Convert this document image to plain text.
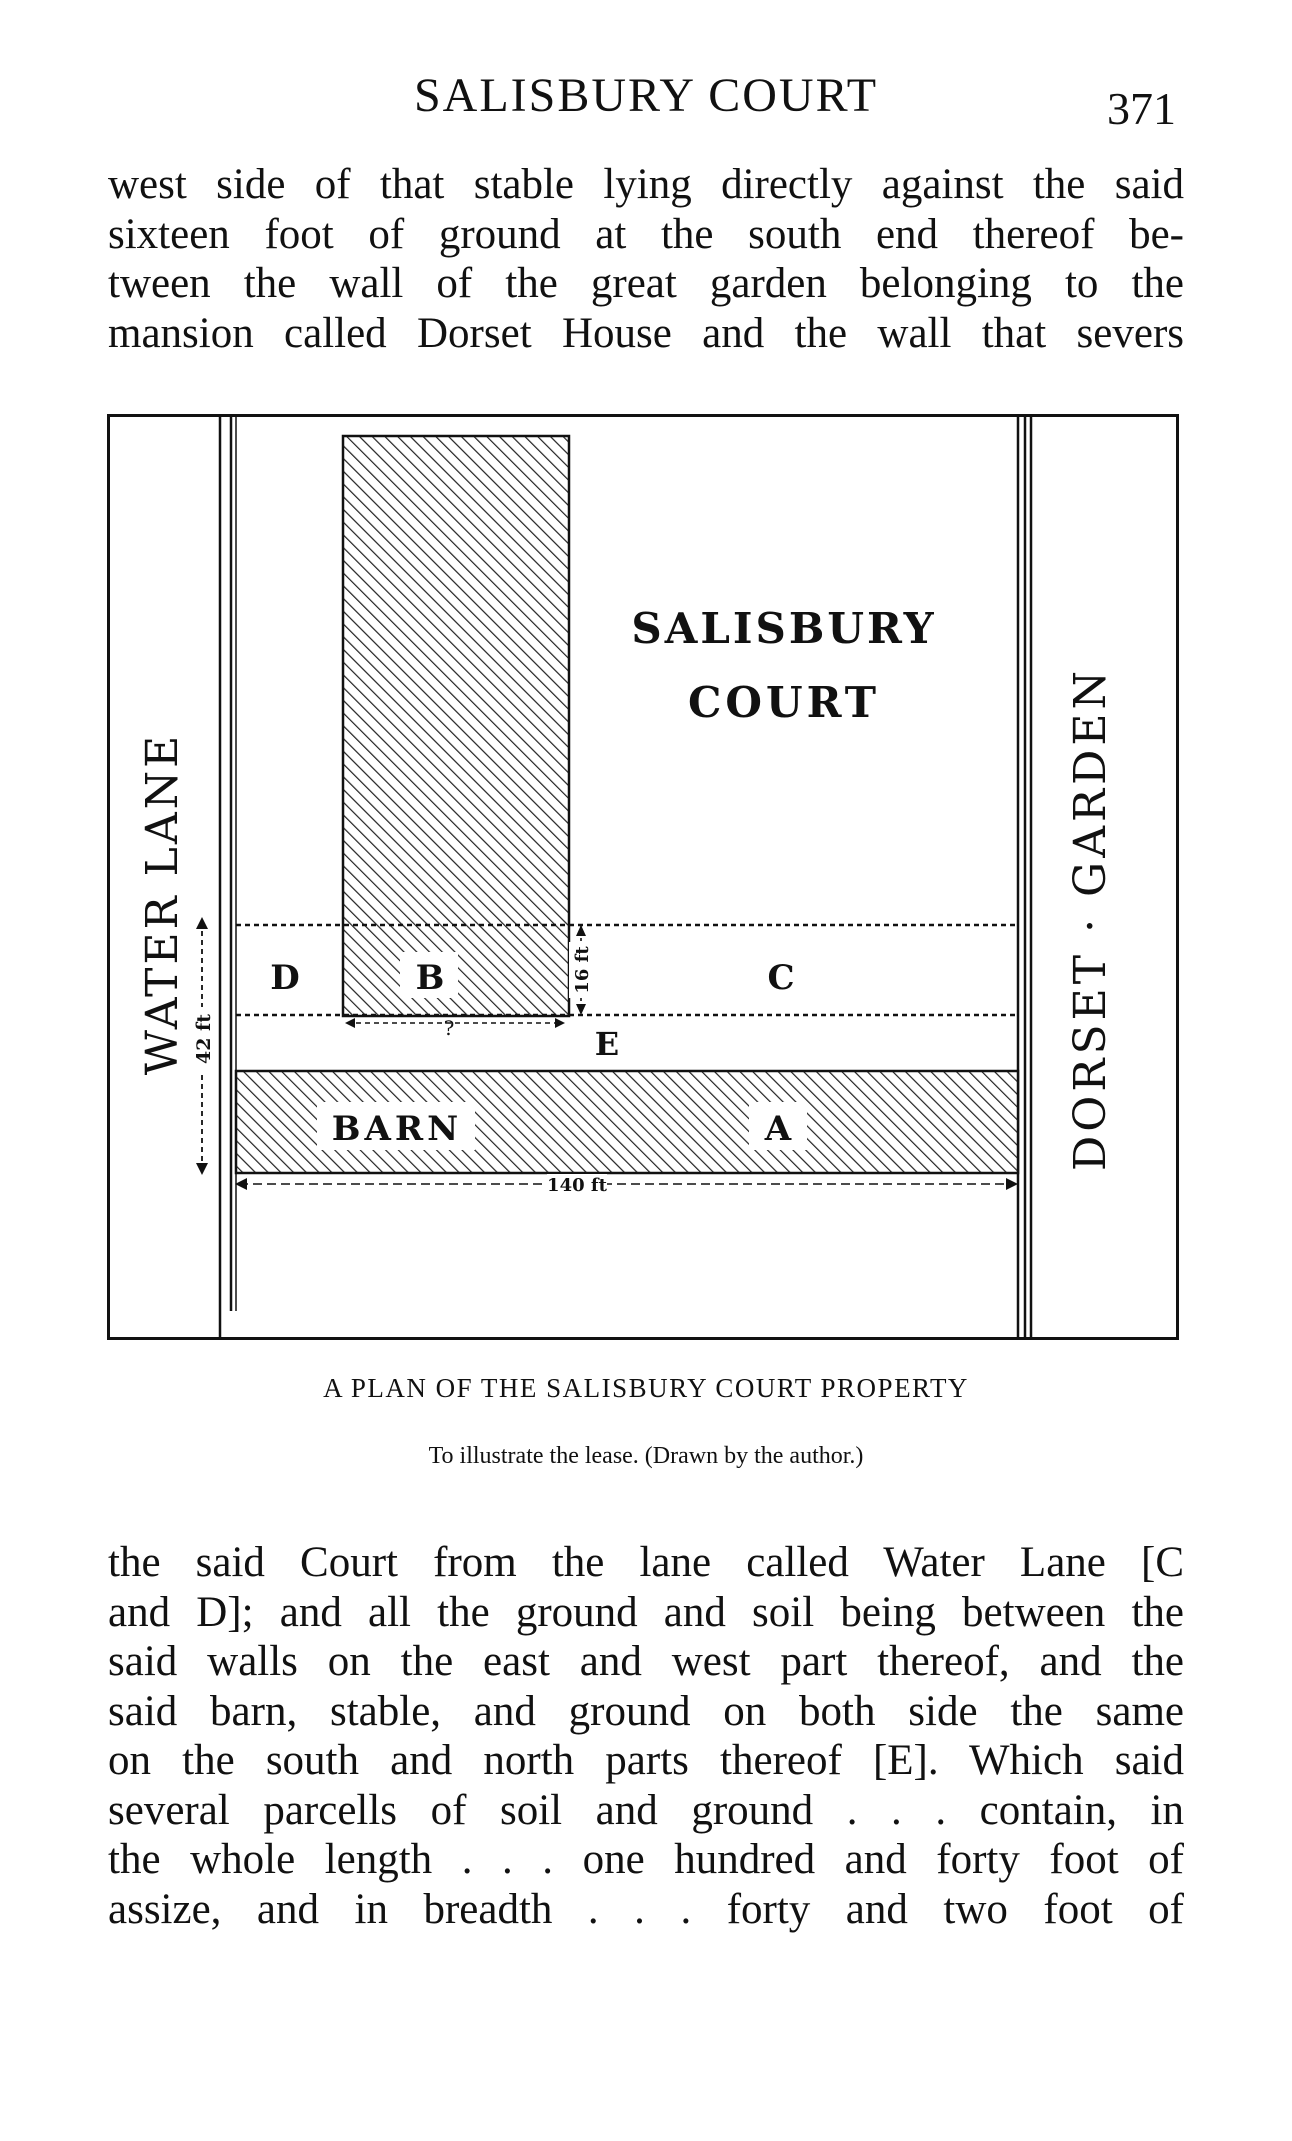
SALISBURY COURT	371
west side of that stable lying directly against the said
sixteen foot of ground at the south end thereof be-
tween the wall of the great garden belonging to the
mansion called Dorset House and the wall that severs
WATER LANE	DORSET · GARDEN
SALISBURY
COURT
D	B	C
E
BARN	A
42 ft
16 ft
?
140 ft
A PLAN OF THE SALISBURY COURT PROPERTY
To illustrate the lease. (Drawn by the author.)
the said Court from the lane called Water Lane [C
and D]; and all the ground and soil being between the
said walls on the east and west part thereof, and the
said barn, stable, and ground on both side the same
on the south and north parts thereof [E]. Which said
several parcells of soil and ground . . . contain, in
the whole length . . . one hundred and forty foot of
assize, and in breadth . . . forty and two foot of
